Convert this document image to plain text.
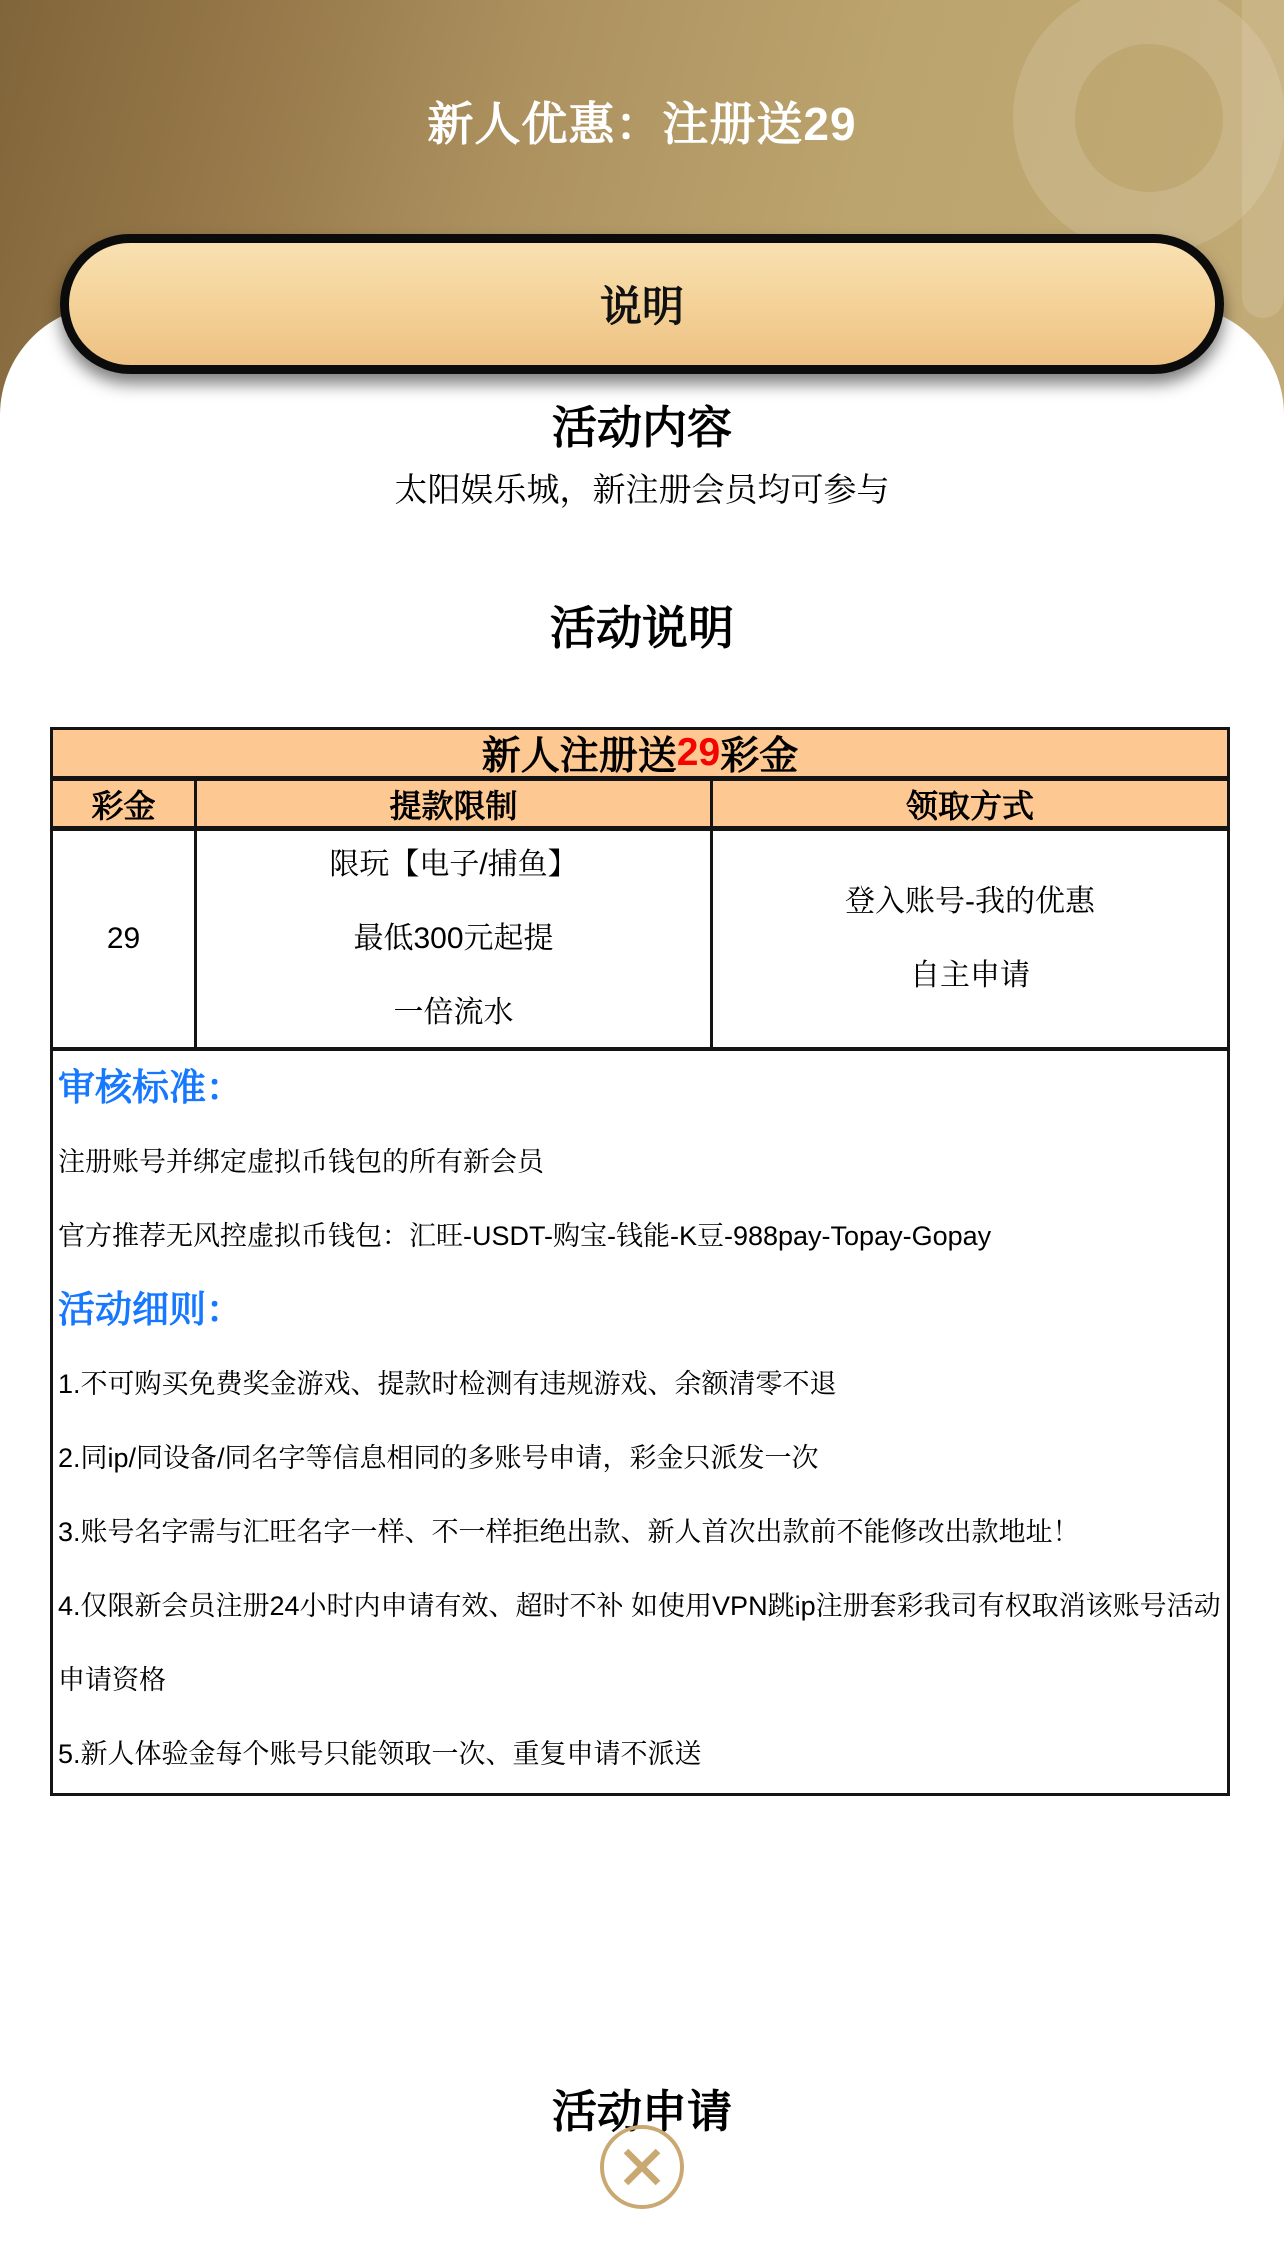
新人优惠：注册送29
说明
活动内容
太阳娱乐城，新注册会员均可参与
活动说明
新人注册送 29 彩金
彩金	提款限制	领取方式
29
限玩【电子/捕鱼】
最低300元起提
一倍流水
登入账号-我的优惠
自主申请
审核标准：
注册账号并绑定虚拟币钱包的所有新会员
官方推荐无风控虚拟币钱包：汇旺-USDT-购宝-钱能-K豆-988pay-Topay-Gopay
活动细则：
1.不可购买免费奖金游戏、提款时检测有违规游戏、余额清零不退
2.同ip/同设备/同名字等信息相同的多账号申请，彩金只派发一次
3.账号名字需与汇旺名字一样、不一样拒绝出款、新人首次出款前不能修改出款地址！
4.仅限新会员注册24小时内申请有效、超时不补 如使用VPN跳ip注册套彩我司有权取消该账号活动
申请资格
5.新人体验金每个账号只能领取一次、重复申请不派送
